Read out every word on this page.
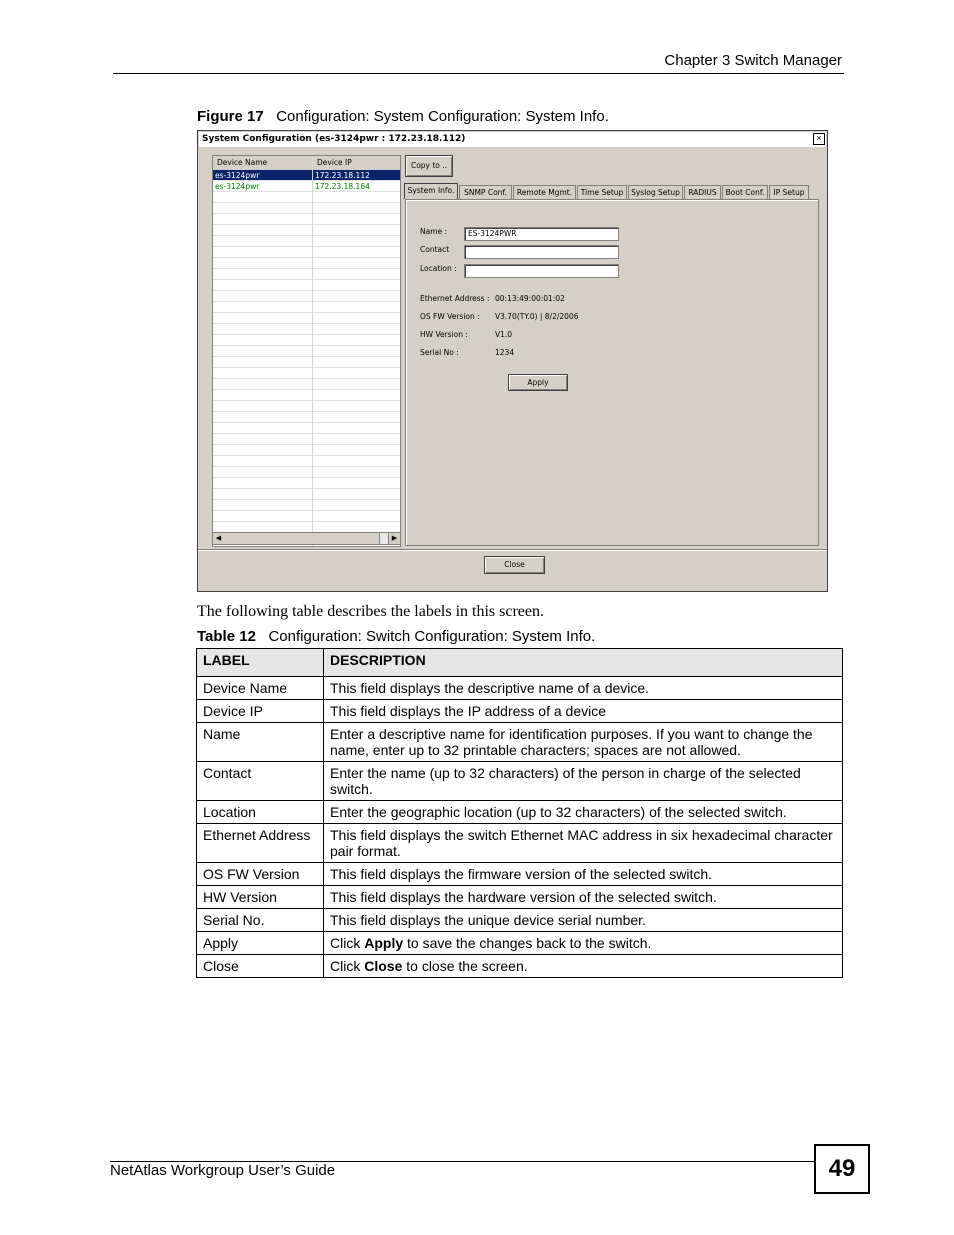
Chapter 3 Switch Manager
Figure 17 Configuration: System Configuration: System Info.
System Configuration (es-3124pwr : 172.23.18.112)	×
Device Name	Device IP
es-3124pwr	172.23.18.112
es-3124pwr	172.23.18.164
◀	▶
Copy to ..
System Info.	SNMP Conf.	Remote Mgmt.	Time Setup	Syslog Setup	RADIUS	Boot Conf.	IP Setup
Name :	ES-3124PWR
Contact
Location :
Ethernet Address : 00:13:49:00:01:02
OS FW Version : V3.70(TY.0) | 8/2/2006
HW Version :	V1.0
Serial No :	1234
Apply
Close
The following table describes the labels in this screen.
Table 12 Configuration: Switch Configuration: System Info.
LABEL	DESCRIPTION
Device Name	This field displays the descriptive name of a device.
Device IP	This field displays the IP address of a device
Name	Enter a descriptive name for identification purposes. If you want to change the name, enter up to 32 printable characters; spaces are not allowed.
Contact	Enter the name (up to 32 characters) of the person in charge of the selected switch.
Location	Enter the geographic location (up to 32 characters) of the selected switch.
Ethernet Address	This field displays the switch Ethernet MAC address in six hexadecimal character pair format.
OS FW Version	This field displays the firmware version of the selected switch.
HW Version	This field displays the hardware version of the selected switch.
Serial No.	This field displays the unique device serial number.
Apply	Click Apply to save the changes back to the switch.
Close	Click Close to close the screen.
NetAtlas Workgroup User’s Guide	49
